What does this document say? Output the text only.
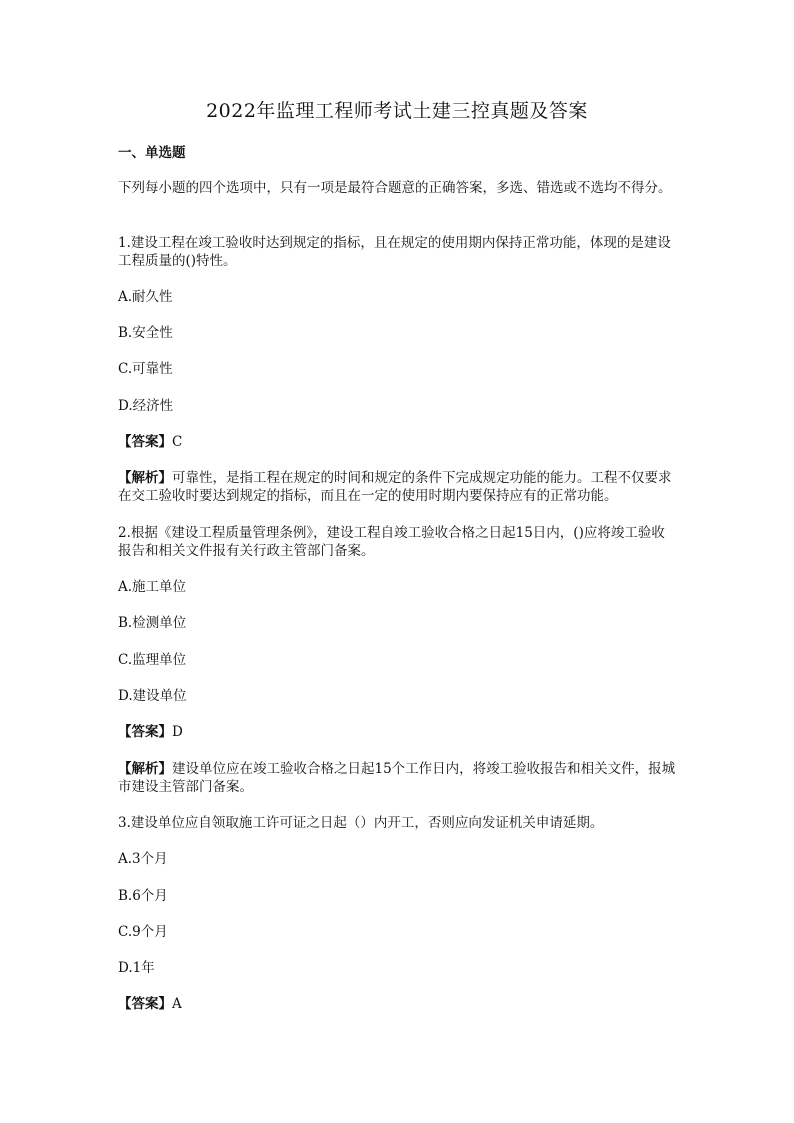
2022年监理工程师考试土建三控真题及答案
一、单选题

下列每小题的四个选项中，只有一项是最符合题意的正确答案，多选、错选或不选均不得分。

1.建设工程在竣工验收时达到规定的指标，且在规定的使用期内保持正常功能，体现的是建设工程质量的()特性。

A.耐久性
B.安全性
C.可靠性
D.经济性
【答案】C

【解析】可靠性，是指工程在规定的时间和规定的条件下完成规定功能的能力。工程不仅要求在交工验收时要达到规定的指标，而且在一定的使用时期内要保持应有的正常功能。

2.根据《建设工程质量管理条例》，建设工程自竣工验收合格之日起15日内，()应将竣工验收报告和相关文件报有关行政主管部门备案。

A.施工单位
B.检测单位
C.监理单位
D.建设单位
【答案】D

【解析】建设单位应在竣工验收合格之日起15个工作日内，将竣工验收报告和相关文件，报城市建设主管部门备案。

3.建设单位应自领取施工许可证之日起（）内开工，否则应向发证机关申请延期。

A.3个月
B.6个月
C.9个月
D.1年
【答案】A
